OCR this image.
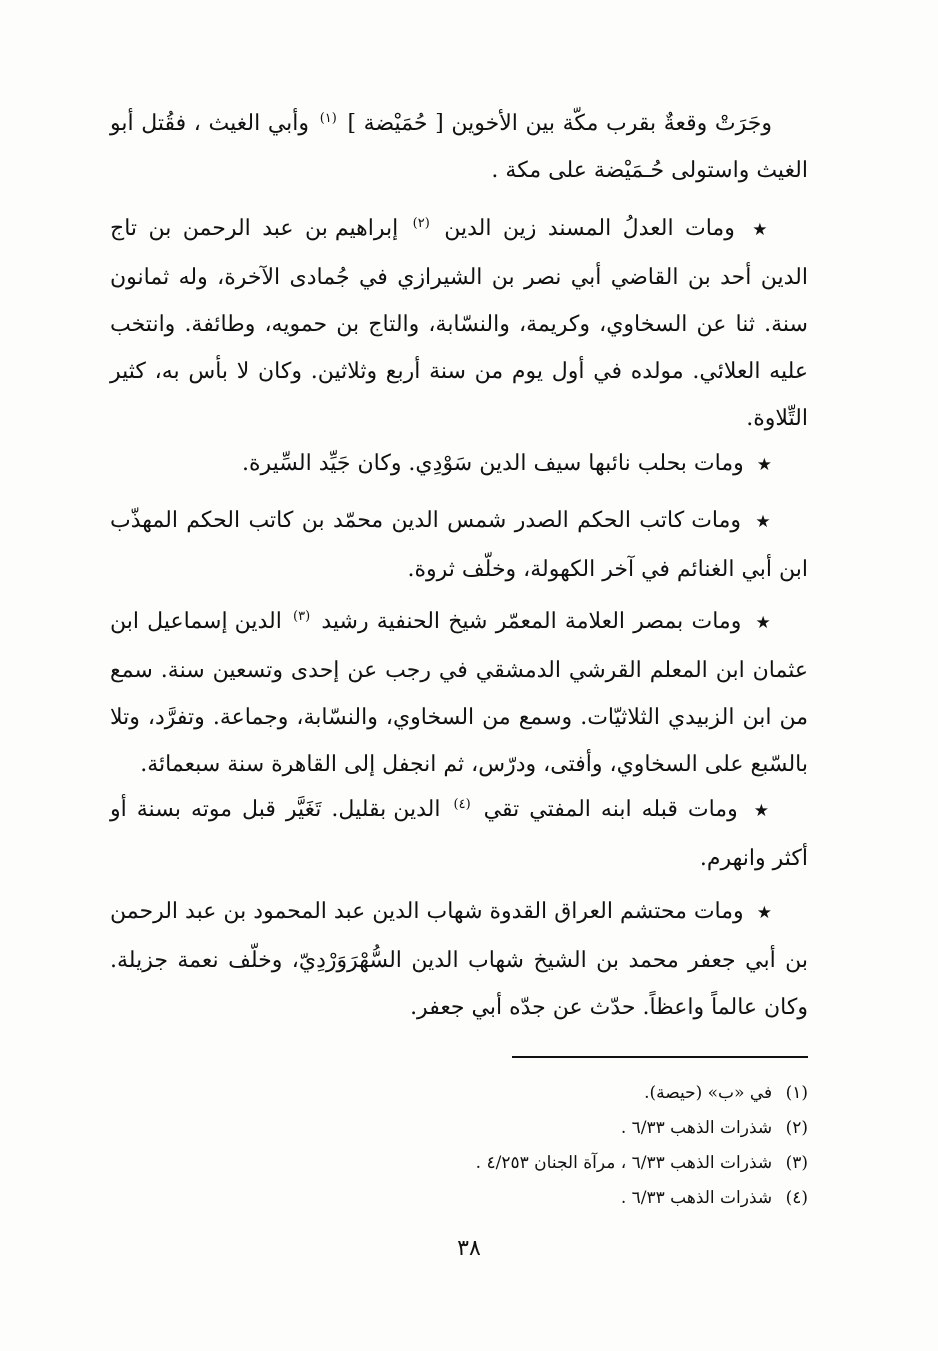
وجَرَتْ وقعةٌ بقرب مكّة بين الأخوين [ حُمَيْضة ] $^{(١)}$ وأبي الغيث ، فقُتل أبو الغيث واستولى حُـمَيْضة على مكة .

★ ومات العدلُ المسند زين الدين $^{(٢)}$ إبراهيم بن عبد الرحمن بن تاج الدين أحد بن القاضي أبي نصر بن الشيرازي في جُمادى الآخرة، وله ثمانون سنة. ثنا عن السخاوي، وكريمة، والنسّابة، والتاج بن حمويه، وطائفة. وانتخب عليه العلائي. مولده في أول يوم من سنة أربع وثلاثين. وكان لا بأس به، كثير التِّلاوة.

★ ومات بحلب نائبها سيف الدين سَوْدِي. وكان جَيِّد السِّيرة.

★ ومات كاتب الحكم الصدر شمس الدين محمّد بن كاتب الحكم المهذّب ابن أبي الغنائم في آخر الكهولة، وخلّف ثروة.

★ ومات بمصر العلامة المعمّر شيخ الحنفية رشيد $^{(٣)}$ الدين إسماعيل ابن عثمان ابن المعلم القرشي الدمشقي في رجب عن إحدى وتسعين سنة. سمع من ابن الزبيدي الثلاثيّات. وسمع من السخاوي، والنسّابة، وجماعة. وتفرَّد، وتلا بالسّبع على السخاوي، وأفتى، ودرّس، ثم انجفل إلى القاهرة سنة سبعمائة.

★ ومات قبله ابنه المفتي تقي $^{(٤)}$ الدين بقليل. تَغَيَّر قبل موته بسنة أو أكثر وانهرم.

★ ومات محتشم العراق القدوة شهاب الدين عبد المحمود بن عبد الرحمن بن أبي جعفر محمد بن الشيخ شهاب الدين السُّهْرَوَرْدِيّ، وخلّف نعمة جزيلة. وكان عالماً واعظاً. حدّث عن جدّه أبي جعفر.

(١) في «ب» (حيصة).

(٢) شذرات الذهب ٦/٣٣ .

(٣) شذرات الذهب ٦/٣٣ ، مرآة الجنان ٤/٢٥٣ .

(٤) شذرات الذهب ٦/٣٣ .

٣٨
